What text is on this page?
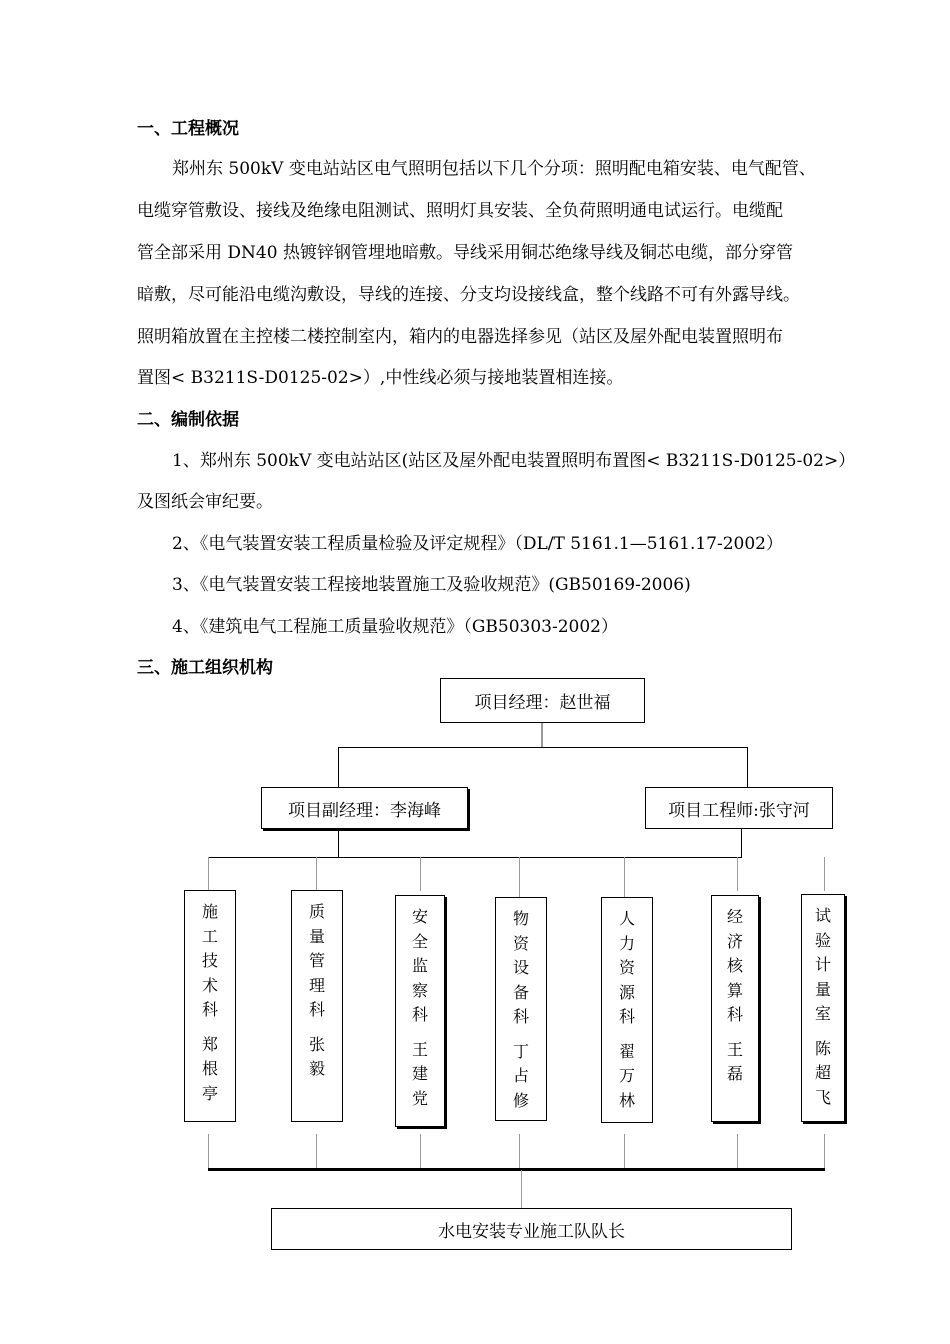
一、工程概况
郑州东 500kV 变电站站区电气照明包括以下几个分项：照明配电箱安装、电气配管、
电缆穿管敷设、接线及绝缘电阻测试、照明灯具安装、全负荷照明通电试运行。电缆配
管全部采用 DN40 热镀锌钢管埋地暗敷。导线采用铜芯绝缘导线及铜芯电缆，部分穿管
暗敷，尽可能沿电缆沟敷设，导线的连接、分支均设接线盒，整个线路不可有外露导线。
照明箱放置在主控楼二楼控制室内，箱内的电器选择参见（站区及屋外配电装置照明布
置图< B3211S-D0125-02>）,中性线必须与接地装置相连接。
二、编制依据
1、郑州东 500kV 变电站站区(站区及屋外配电装置照明布置图< B3211S-D0125-02>）
及图纸会审纪要。
2、《电气装置安装工程质量检验及评定规程》（DL/T 5161.1—5161.17-2002）
3、《电气装置安装工程接地装置施工及验收规范》(GB50169-2006)
4、《建筑电气工程施工质量验收规范》（GB50303-2002）
三、施工组织机构
项目经理：赵世福
项目副经理：李海峰	项目工程师:张守河
施工技术科
郑根亭
质量管理科
张 毅
安全监察科
王建党
物资设备科
丁占修
人力资源科
翟万林
经济核算科
王 磊
试验计量室
陈超飞
水电安装专业施工队队长
